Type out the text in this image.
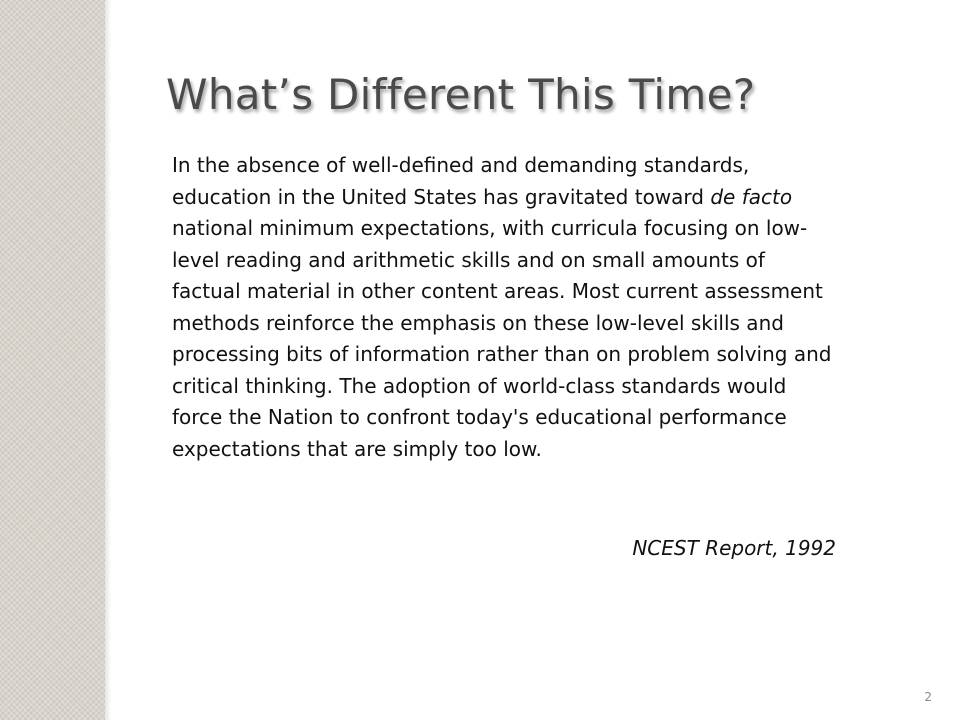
What’s Different This Time?

In the absence of well-defined and demanding standards, education in the United States has gravitated toward de facto national minimum expectations, with curricula focusing on low-level reading and arithmetic skills and on small amounts of factual material in other content areas. Most current assessment methods reinforce the emphasis on these low-level skills and processing bits of information rather than on problem solving and critical thinking. The adoption of world-class standards would force the Nation to confront today's educational performance expectations that are simply too low.

NCEST Report, 1992

2
